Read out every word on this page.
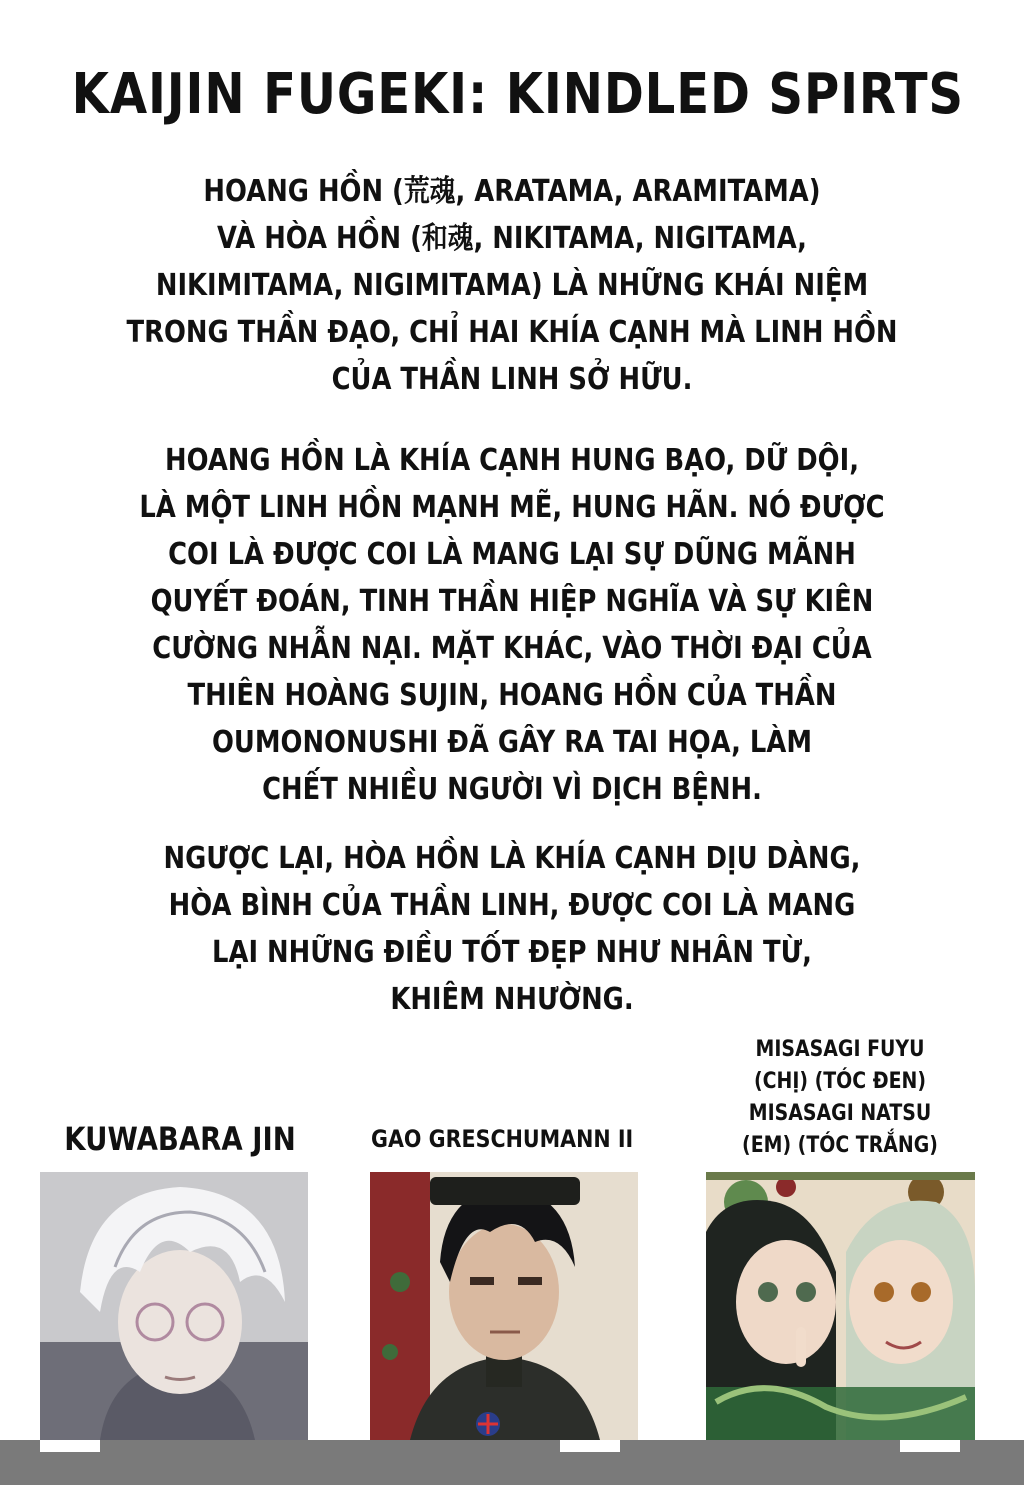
KAIJIN FUGEKI: KINDLED SPIRTS
HOANG HỒN (荒魂, ARATAMA, ARAMITAMA)
VÀ HÒA HỒN (和魂, NIKITAMA, NIGITAMA,
NIKIMITAMA, NIGIMITAMA) LÀ NHỮNG KHÁI NIỆM
TRONG THẦN ĐẠO, CHỈ HAI KHÍA CẠNH MÀ LINH HỒN
CỦA THẦN LINH SỞ HỮU.
HOANG HỒN LÀ KHÍA CẠNH HUNG BẠO, DỮ DỘI,
LÀ MỘT LINH HỒN MẠNH MẼ, HUNG HÃN. NÓ ĐƯỢC
COI LÀ ĐƯỢC COI LÀ MANG LẠI SỰ DŨNG MÃNH
QUYẾT ĐOÁN, TINH THẦN HIỆP NGHĨA VÀ SỰ KIÊN
CƯỜNG NHẪN NẠI. MẶT KHÁC, VÀO THỜI ĐẠI CỦA
THIÊN HOÀNG SUJIN, HOANG HỒN CỦA THẦN
OUMONONUSHI ĐÃ GÂY RA TAI HỌA, LÀM
CHẾT NHIỀU NGƯỜI VÌ DỊCH BỆNH.
NGƯỢC LẠI, HÒA HỒN LÀ KHÍA CẠNH DỊU DÀNG,
HÒA BÌNH CỦA THẦN LINH, ĐƯỢC COI LÀ MANG
LẠI NHỮNG ĐIỀU TỐT ĐẸP NHƯ NHÂN TỪ,
KHIÊM NHƯỜNG.
KUWABARA JIN	GAO GRESCHUMANN II
MISASAGI FUYU
(CHỊ) (TÓC ĐEN)
MISASAGI NATSU
(EM) (TÓC TRẮNG)
